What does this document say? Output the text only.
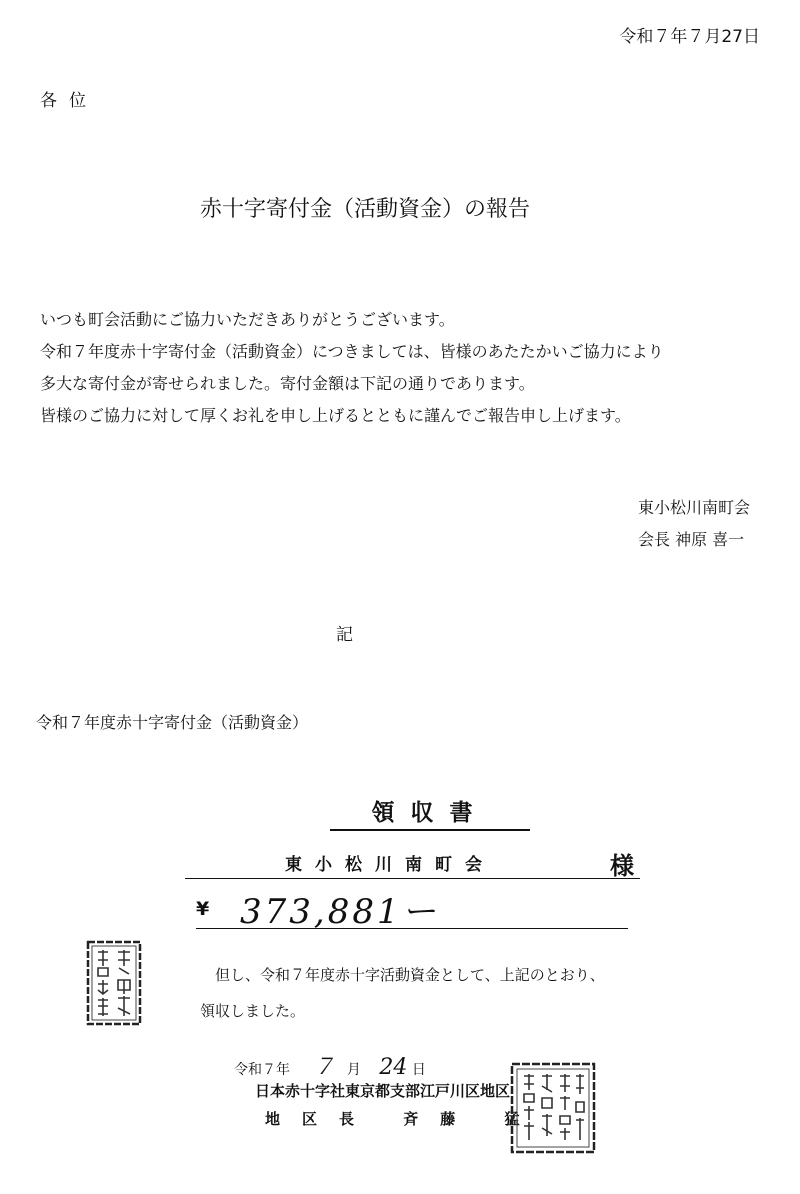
令和７年７月27日
各位
赤十字寄付金（活動資金）の報告
いつも町会活動にご協力いただきありがとうございます。
令和７年度赤十字寄付金（活動資金）につきましては、皆様のあたたかいご協力により
多大な寄付金が寄せられました。寄付金額は下記の通りであります。
皆様のご協力に対して厚くお礼を申し上げるとともに謹んでご報告申し上げます。
東小松川南町会
会長 神原 喜一
記
令和７年度赤十字寄付金（活動資金）
領収書
東小松川南町会	様
¥ 373,881ー
但し、令和７年度赤十字活動資金として、上記のとおり、
領収しました。
令和７年 ７ 月 24 日
日本赤十字社東京都支部江戸川区地区
地区長 斉藤 猛
